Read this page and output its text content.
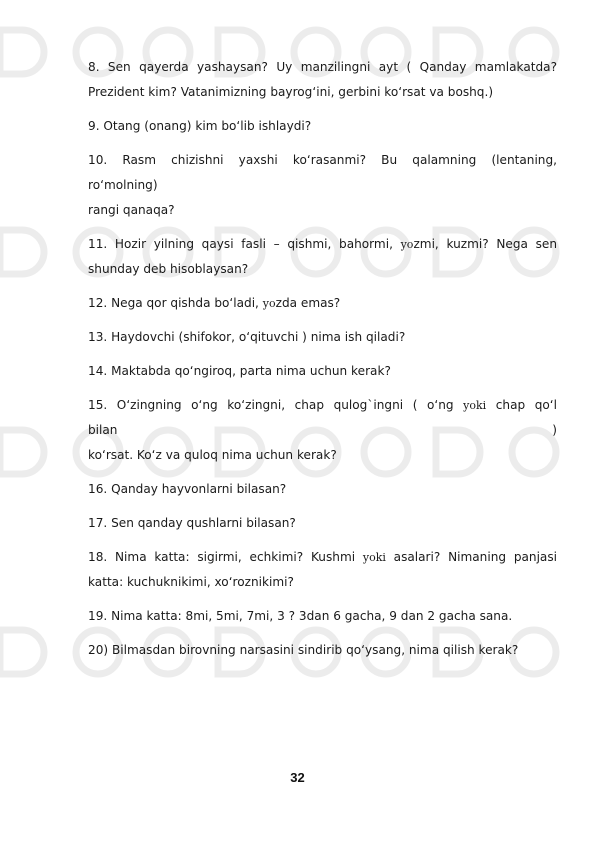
8. Sen qayerda yashaysan? Uy manzilingni ayt ( Qanday mamlakatda? Prezident kim? Vatanimizning bayrogʻini, gerbini koʻrsat va boshq.)

9. Otang (onang) kim boʻlib ishlaydi?

10. Rasm chizishni yaxshi koʻrasanmi? Bu qalamning (lentaning,
roʻmolning)
rangi qanaqa?

11. Hozir yilning qaysi fasli – qishmi, bahormi, yozmi, kuzmi? Nega sen shunday deb hisoblaysan?

12. Nega qor qishda boʻladi, yozda emas?

13. Haydovchi (shifokor, oʻqituvchi ) nima ish qiladi?

14. Maktabda qoʻngiroq, parta nima uchun kerak?

15. Oʻzingning oʻng koʻzingni, chap qulog`ingni ( oʻng yoki chap qoʻl
bilan	)
koʻrsat. Koʻz va quloq nima uchun kerak?

16. Qanday hayvonlarni bilasan?

17. Sen qanday qushlarni bilasan?

18. Nima katta: sigirmi, echkimi? Kushmi yoki asalari? Nimaning panjasi katta: kuchuknikimi, xoʻroznikimi?

19. Nima katta: 8mi, 5mi, 7mi, 3 ? 3dan 6 gacha, 9 dan 2 gacha sana.

20) Bilmasdan birovning narsasini sindirib qoʻysang, nima qilish kerak?

32
